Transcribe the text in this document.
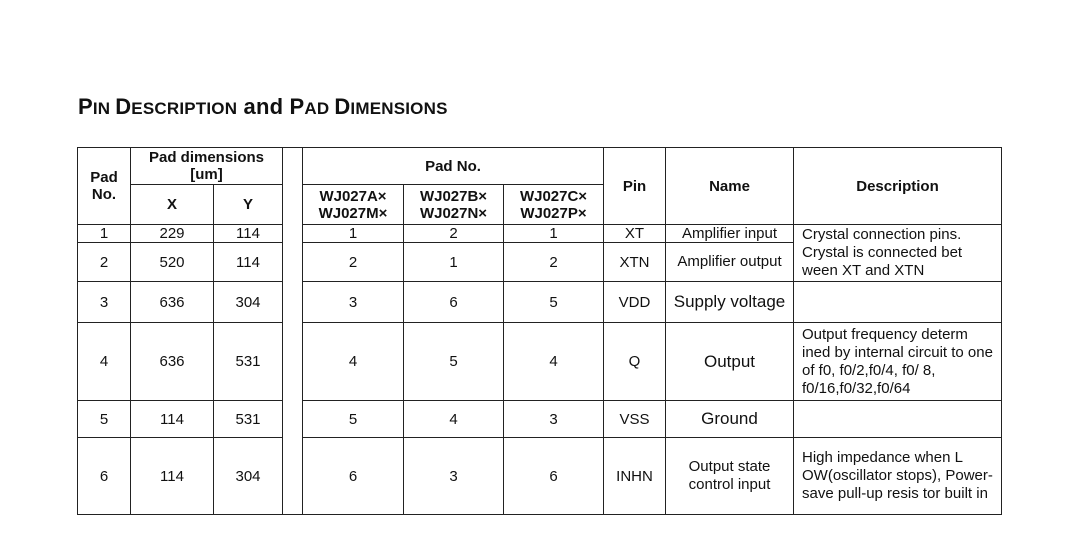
PIN DESCRIPTION and PAD DIMENSIONS
Pad No.	Pad dimensions [um]			Pad No.			Pin	Name	Description
	X	Y		WJ027A× WJ027M×	WJ027B× WJ027N×	WJ027C× WJ027P×			
1	229	114		1	2	1	XT	Amplifier input	Crystal connection pins. Crystal is connected bet ween XT and XTN
2	520	114		2	1	2	XTN	Amplifier output	
3	636	304		3	6	5	VDD	Supply voltage	
4	636	531		4	5	4	Q	Output	Output frequency determ ined by internal circuit to one of f0, f0/2,f0/4, f0/ 8, f0/16,f0/32,f0/64
5	114	531		5	4	3	VSS	Ground	
6	114	304		6	3	6	INHN	Output state control input	High impedance when L OW(oscillator stops), Power-save pull-up resis tor built in
